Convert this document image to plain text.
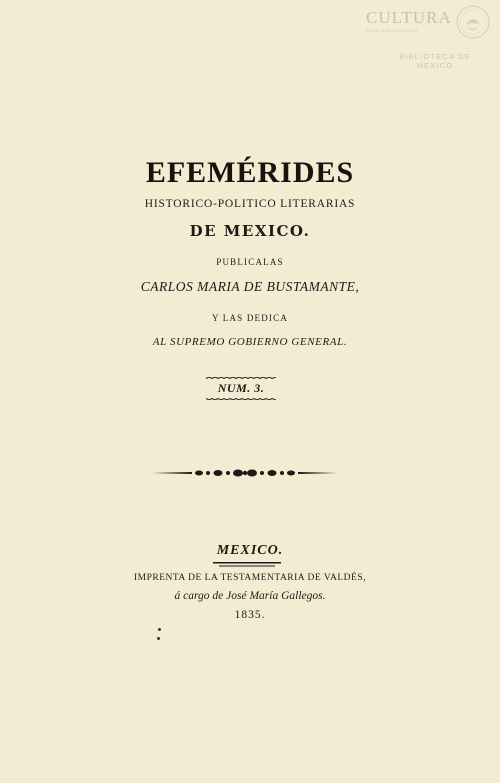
CULTURA
SECRETARÍA DE CULTURA
BIBLIOTECA DE MEXICO
EFEMÉRIDES
HISTORICO-POLITICO LITERARIAS
DE MEXICO.
PUBLICALAS
CARLOS MARIA DE BUSTAMANTE,
Y LAS DEDICA
AL SUPREMO GOBIERNO GENERAL.
NUM. 3.
MEXICO.
IMPRENTA DE LA TESTAMENTARIA DE VALDÉS,
á cargo de José María Gallegos.
1835.
